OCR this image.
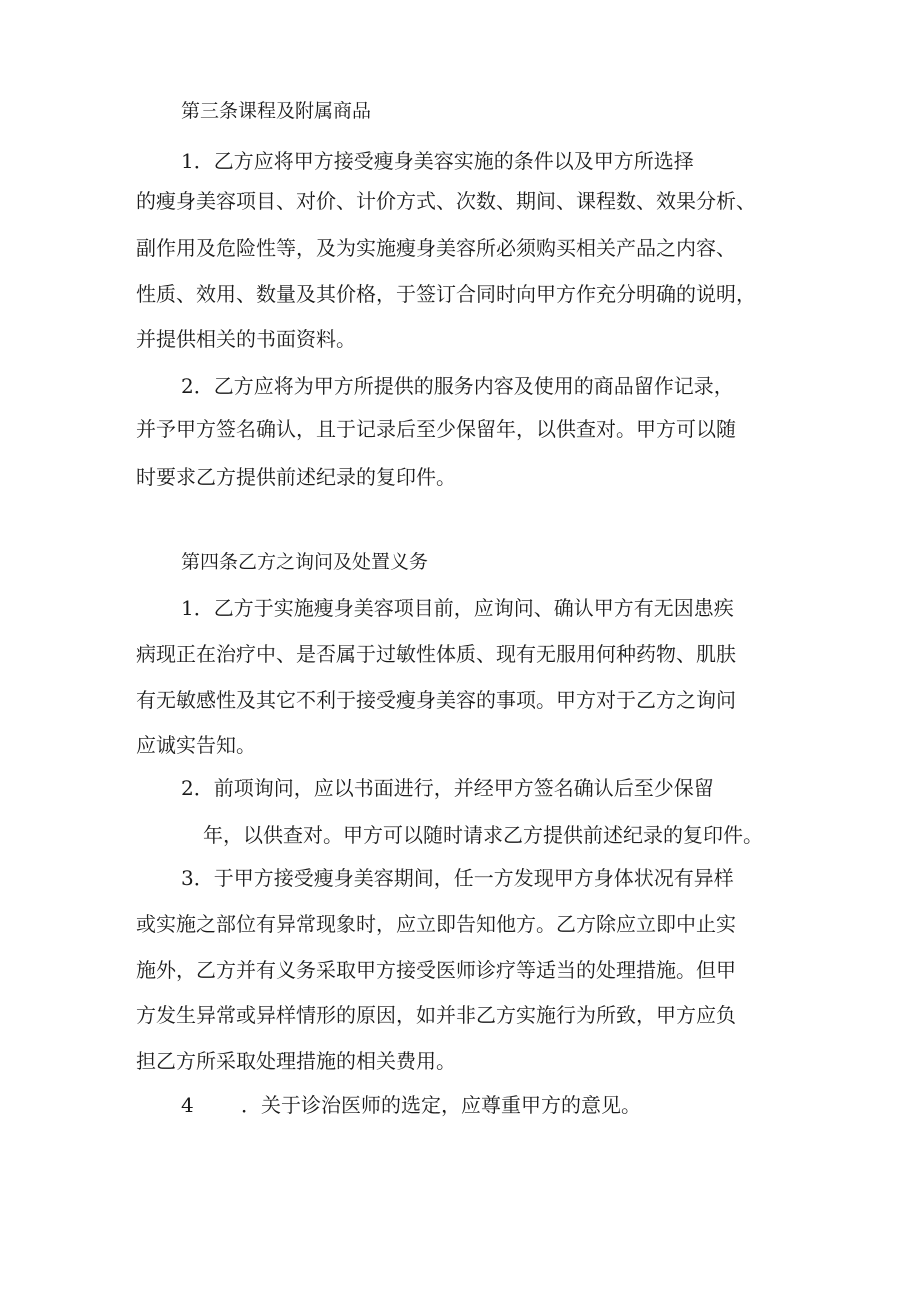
第三条课程及附属商品
1．乙方应将甲方接受瘦身美容实施的条件以及甲方所选择
的瘦身美容项目、对价、计价方式、次数、期间、课程数、效果分析、
副作用及危险性等，及为实施瘦身美容所必须购买相关产品之内容、
性质、效用、数量及其价格，于签订合同时向甲方作充分明确的说明，
并提供相关的书面资料。
2．乙方应将为甲方所提供的服务内容及使用的商品留作记录，
并予甲方签名确认，且于记录后至少保留年，以供查对。甲方可以随
时要求乙方提供前述纪录的复印件。
第四条乙方之询问及处置义务
1．乙方于实施瘦身美容项目前，应询问、确认甲方有无因患疾
病现正在治疗中、是否属于过敏性体质、现有无服用何种药物、肌肤
有无敏感性及其它不利于接受瘦身美容的事项。甲方对于乙方之询问
应诚实告知。
2．前项询问，应以书面进行，并经甲方签名确认后至少保留
年，以供查对。甲方可以随时请求乙方提供前述纪录的复印件。
3．于甲方接受瘦身美容期间，任一方发现甲方身体状况有异样
或实施之部位有异常现象时，应立即告知他方。乙方除应立即中止实
施外，乙方并有义务采取甲方接受医师诊疗等适当的处理措施。但甲
方发生异常或异样情形的原因，如并非乙方实施行为所致，甲方应负
担乙方所采取处理措施的相关费用。
4 ．关于诊治医师的选定，应尊重甲方的意见。
